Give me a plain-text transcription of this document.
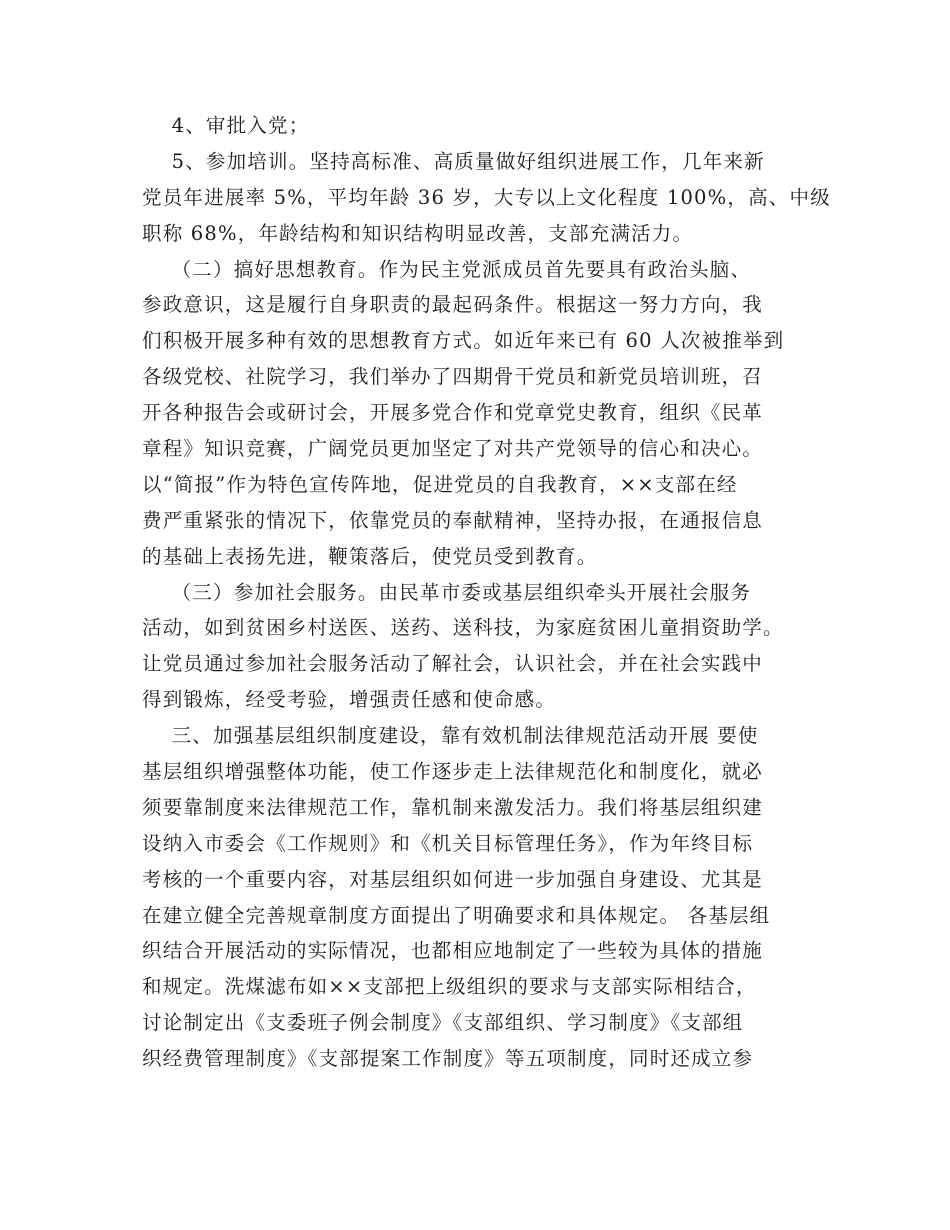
4、审批入党；
5、参加培训。坚持高标准、高质量做好组织进展工作，几年来新
党员年进展率 5%，平均年龄 36 岁，大专以上文化程度 100%，高、中级
职称 68%，年龄结构和知识结构明显改善，支部充满活力。
（二）搞好思想教育。作为民主党派成员首先要具有政治头脑、
参政意识，这是履行自身职责的最起码条件。根据这一努力方向，我
们积极开展多种有效的思想教育方式。如近年来已有 60 人次被推举到
各级党校、社院学习，我们举办了四期骨干党员和新党员培训班，召
开各种报告会或研讨会，开展多党合作和党章党史教育，组织《民革
章程》知识竞赛，广阔党员更加坚定了对共产党领导的信心和决心。
以“简报”作为特色宣传阵地，促进党员的自我教育，××支部在经
费严重紧张的情况下，依靠党员的奉献精神，坚持办报，在通报信息
的基础上表扬先进，鞭策落后，使党员受到教育。
（三）参加社会服务。由民革市委或基层组织牵头开展社会服务
活动，如到贫困乡村送医、送药、送科技，为家庭贫困儿童捐资助学。
让党员通过参加社会服务活动了解社会，认识社会，并在社会实践中
得到锻炼，经受考验，增强责任感和使命感。
三、加强基层组织制度建设，靠有效机制法律规范活动开展 要使
基层组织增强整体功能，使工作逐步走上法律规范化和制度化，就必
须要靠制度来法律规范工作，靠机制来激发活力。我们将基层组织建
设纳入市委会《工作规则》和《机关目标管理任务》，作为年终目标
考核的一个重要内容，对基层组织如何进一步加强自身建设、尤其是
在建立健全完善规章制度方面提出了明确要求和具体规定。 各基层组
织结合开展活动的实际情况，也都相应地制定了一些较为具体的措施
和规定。洗煤滤布如××支部把上级组织的要求与支部实际相结合，
讨论制定出《支委班子例会制度》《支部组织、学习制度》《支部组
织经费管理制度》《支部提案工作制度》等五项制度，同时还成立参
